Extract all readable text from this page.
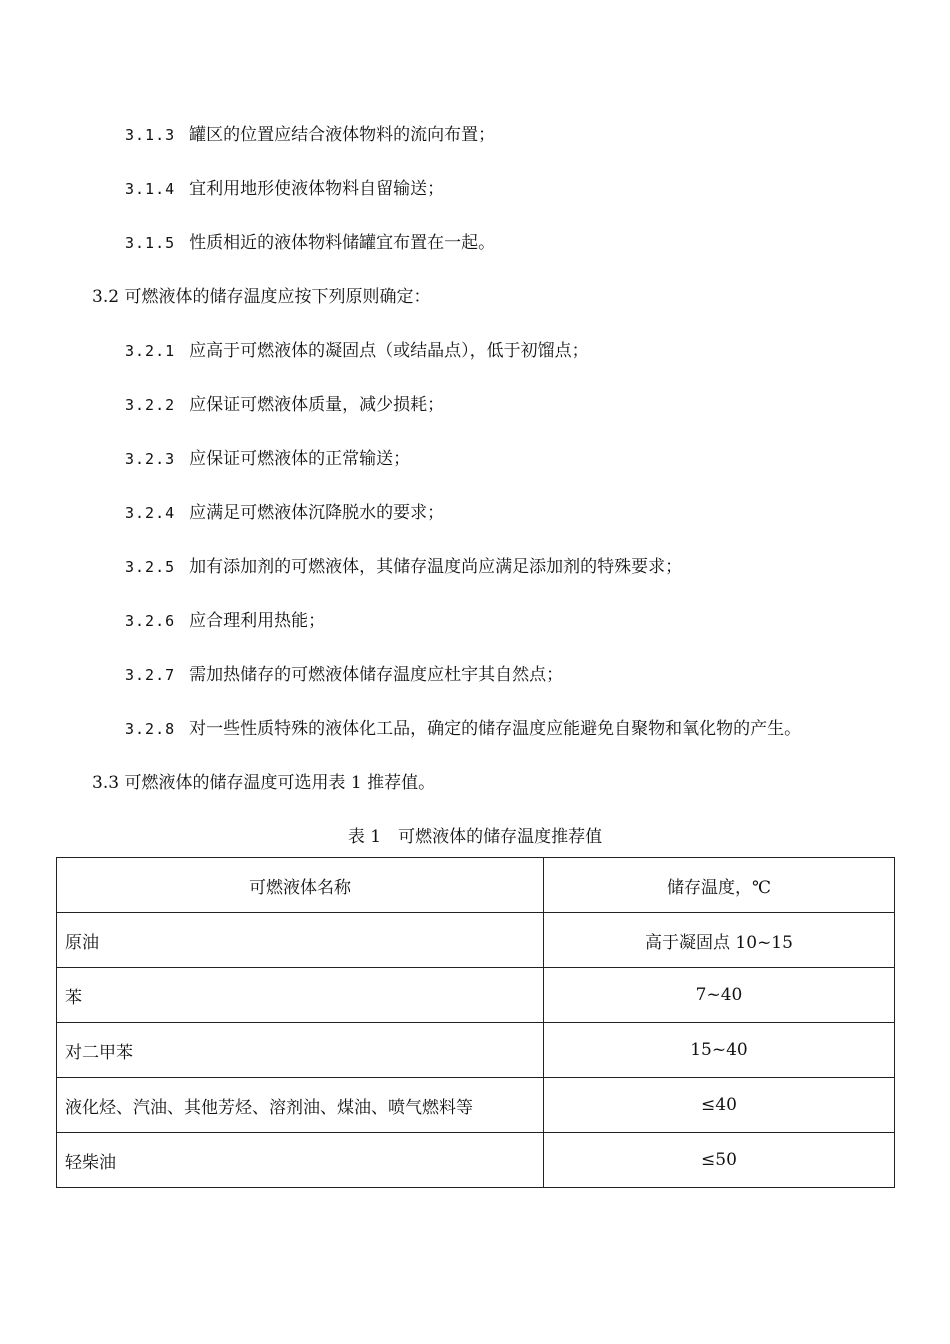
3.1.3 罐区的位置应结合液体物料的流向布置；
3.1.4 宜利用地形使液体物料自留输送；
3.1.5 性质相近的液体物料储罐宜布置在一起。
3.2 可燃液体的储存温度应按下列原则确定：
3.2.1 应高于可燃液体的凝固点（或结晶点），低于初馏点；
3.2.2 应保证可燃液体质量，减少损耗；
3.2.3 应保证可燃液体的正常输送；
3.2.4 应满足可燃液体沉降脱水的要求；
3.2.5 加有添加剂的可燃液体，其储存温度尚应满足添加剂的特殊要求；
3.2.6 应合理利用热能；
3.2.7 需加热储存的可燃液体储存温度应杜宇其自然点；
3.2.8 对一些性质特殊的液体化工品，确定的储存温度应能避免自聚物和氧化物的产生。
3.3 可燃液体的储存温度可选用表 1 推荐值。
表 1　可燃液体的储存温度推荐值
可燃液体名称	储存温度，℃
原油	高于凝固点 10~15
苯	7~40
对二甲苯	15~40
液化烃、汽油、其他芳烃、溶剂油、煤油、喷气燃料等	≤40
轻柴油	≤50
